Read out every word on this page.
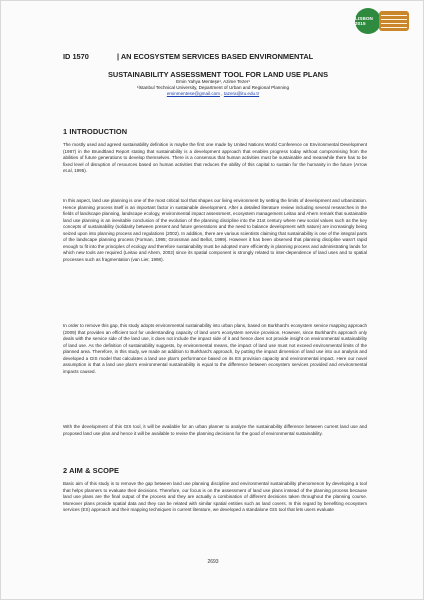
LISBON 2015
ID 1570	| AN ECOSYSTEM SERVICES BASED ENVIRONMENTAL
SUSTAINABILITY ASSESSMENT TOOL FOR LAND USE PLANS
Emin Yahya Menteşe¹, Azime Tezer¹
¹İstanbul Technical University, Department of Urban and Regional Planning
eminmentese@gmail.com , tazera@itu.edu.tr
1 INTRODUCTION

The mostly used and agreed sustainability definition is maybe the first one made by United Nations World Conference on Environmental Development (1987) in the Brundtland Report stating that sustainability is a development approach that enables progress today without compromising from the abilities of future generations to develop themselves. There is a consensus that human activities must be sustainable and meanwhile there has to be fixed level of disruption of resources based on human activities that reduces the ability of this capital to sustain for the humanity in the future (Arrow et.al, 1995).

In this aspect, land use planning is one of the most critical tool that shapes our living environment by setting the limits of development and urbanization. Hence planning process itself is an important factor in sustainable development. After a detailed literature review including several researches in the fields of landscape planning, landscape ecology, environmental impact assessment, ecosystem management Leitao and Ahern remark that sustainable land use planning is an inevitable conclusion of the evolution of the planning discipline into the 21st century where new social values such as the key concepts of sustainability (solidarity between present and future generations and the need to balance development with nature) are increasingly being seized upon into planning process and regulations (2002). In addition, there are various scientists claiming that sustainability is one of the integral parts of the landscape planning process (Forman, 1995; Grossman and Bellot, 1999). However it has been observed that planning discipline wasn't rapid enough to fit into the principles of ecology and therefore sustainability must be adopted more efficiently in planning process and administrating lands for which new tools are required (Leitao and Ahern, 2002) since its spatial component is strongly related to inter-dependence of land uses and to spatial processes such as fragmentation (van Lier, 1998).

In order to remove this gap, this study adopts environmental sustainability into urban plans, based on Burkhard's ecosystem service mapping approach (2009) that provides an efficient tool for understanding capacity of land use's ecosystem service provision. However, since Burkhard's approach only deals with the service side of the land use, it does not include the impact side of it and hence does not provide insight on environmental sustainability of land use. As the definition of sustainability suggests, by environmental means, the impact of land use must not exceed environmental limits of the planned area. Therefore, in this study, we made an addition to Burkhard's approach, by putting the impact dimension of land use into our analysis and developed a GIS model that calculates a land use plan's performance based on its ES provision capacity and environmental impact. Here our novel assumption is that a land use plan's environmental sustainability is equal to the difference between ecosystem services provided and environmental impacts caused.

With the development of this GIS tool, it will be available for an urban planner to analyze the sustainability difference between current land use and proposed land use plan and hence it will be available to revise the planning decisions for the good of environmental sustainability.

2 AIM & SCOPE

Basic aim of this study is to remove the gap between land use planning discipline and environmental sustainability phenomenon by developing a tool that helps planners to evaluate their decisions. Therefore, our focus is on the assessment of land use plans instead of the planning process because land use plans are the final output of the process and they are actually a combination of different decisions taken throughout the planning course. Moreover plans provide spatial data and they can be related with similar spatial entities such as land covers. In this regard by benefiting ecosystem services (ES) approach and their mapping techniques in current literature, we developed a standalone GIS tool that lets users evaluate

2693
